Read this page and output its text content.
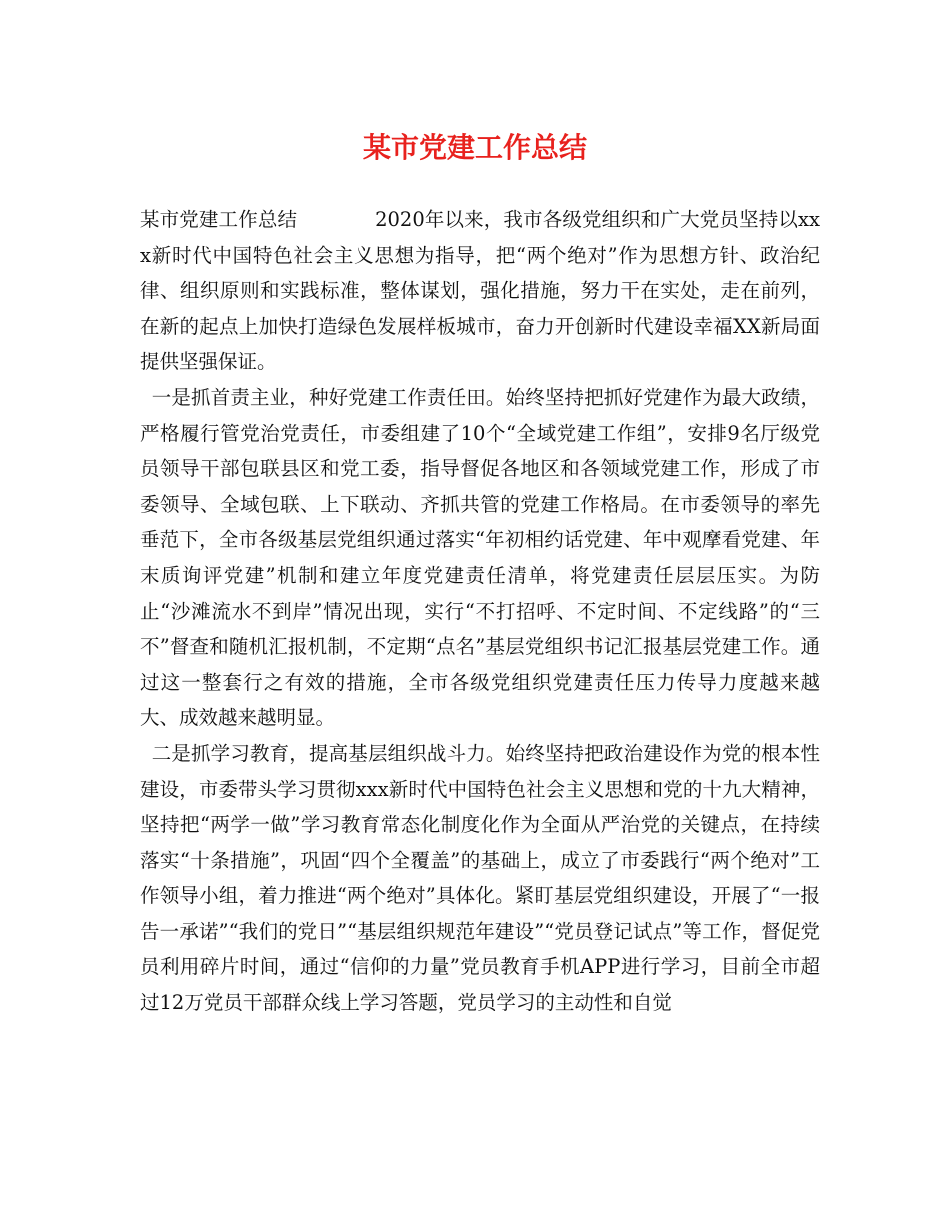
某市党建工作总结

某市党建工作总结	2020年以来，我市各级党组织和广大党员坚持以xxx新时代中国特色社会主义思想为指导，把“两个绝对”作为思想方针、政治纪律、组织原则和实践标准，整体谋划，强化措施，努力干在实处，走在前列，在新的起点上加快打造绿色发展样板城市，奋力开创新时代建设幸福XX新局面提供坚强保证。

一是抓首责主业，种好党建工作责任田。始终坚持把抓好党建作为最大政绩，严格履行管党治党责任，市委组建了10个“全域党建工作组”，安排9名厅级党员领导干部包联县区和党工委，指导督促各地区和各领域党建工作，形成了市委领导、全域包联、上下联动、齐抓共管的党建工作格局。在市委领导的率先垂范下，全市各级基层党组织通过落实“年初相约话党建、年中观摩看党建、年末质询评党建”机制和建立年度党建责任清单，将党建责任层层压实。为防止“沙滩流水不到岸”情况出现，实行“不打招呼、不定时间、不定线路”的“三不”督查和随机汇报机制，不定期“点名”基层党组织书记汇报基层党建工作。通过这一整套行之有效的措施，全市各级党组织党建责任压力传导力度越来越大、成效越来越明显。

二是抓学习教育，提高基层组织战斗力。始终坚持把政治建设作为党的根本性建设，市委带头学习贯彻xxx新时代中国特色社会主义思想和党的十九大精神，坚持把“两学一做”学习教育常态化制度化作为全面从严治党的关键点，在持续落实“十条措施”，巩固“四个全覆盖”的基础上，成立了市委践行“两个绝对”工作领导小组，着力推进“两个绝对”具体化。紧盯基层党组织建设，开展了“一报告一承诺”“我们的党日”“基层组织规范年建设”“党员登记试点”等工作，督促党员利用碎片时间，通过“信仰的力量”党员教育手机APP进行学习，目前全市超过12万党员干部群众线上学习答题，党员学习的主动性和自觉
